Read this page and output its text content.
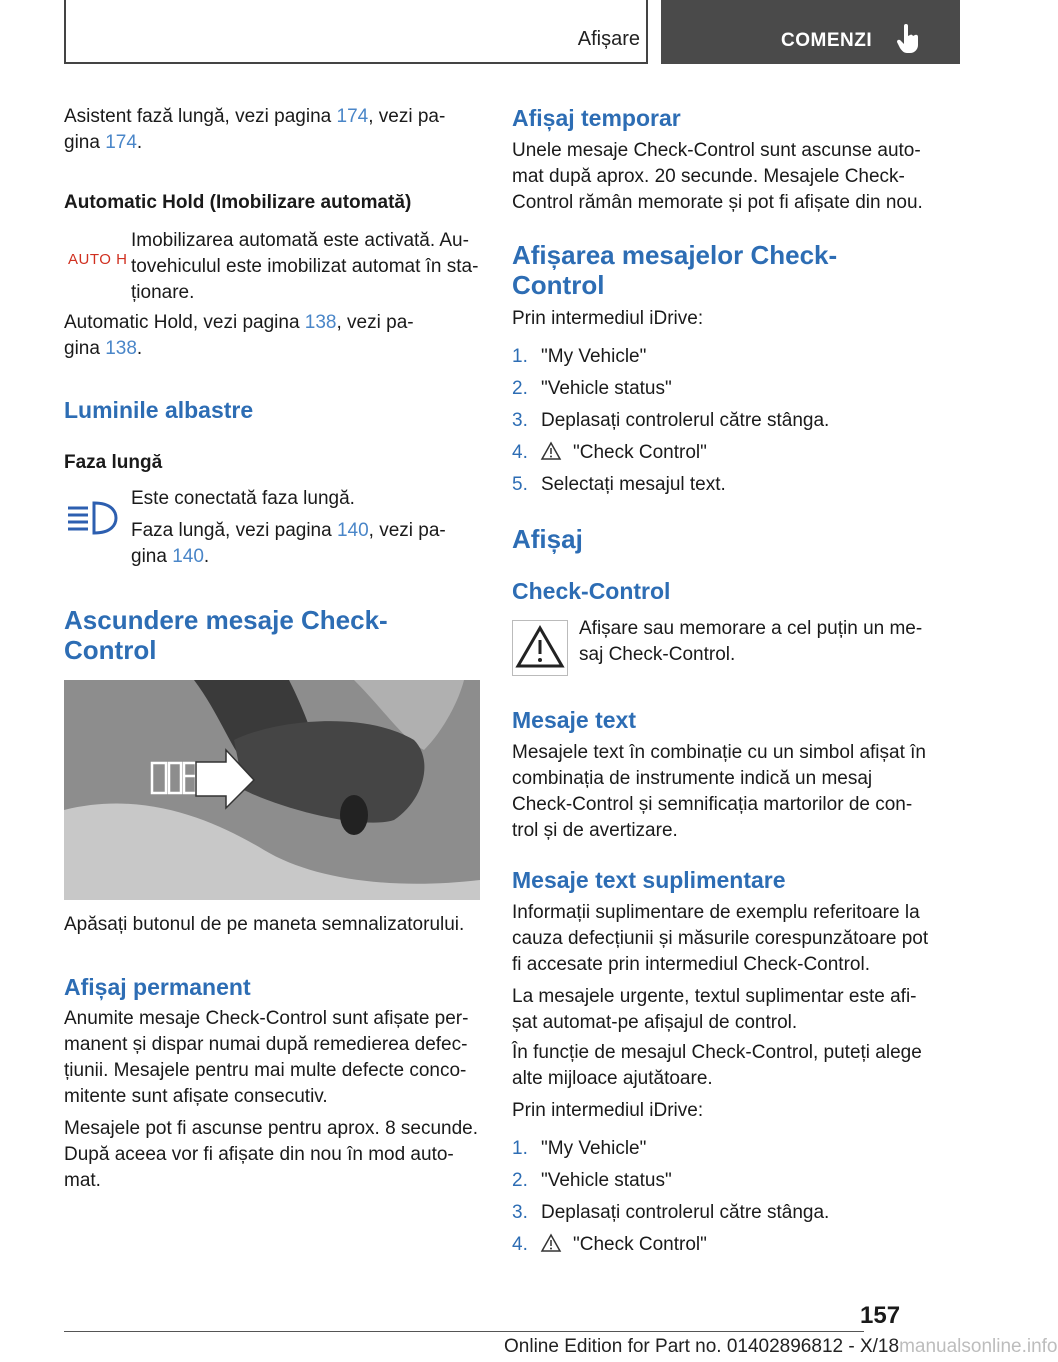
Afișare	COMENZI

Asistent fază lungă, vezi pagina 174, vezi pa-
gina 174.

Automatic Hold (Imobilizare automată)
AUTO H

Imobilizarea automată este activată. Au-

tovehiculul este imobilizat automat în sta-

ționare.

Automatic Hold, vezi pagina 138, vezi pa-
gina 138.

Luminile albastre
Faza lungă

Este conectată faza lungă.

Faza lungă, vezi pagina 140, vezi pa-
gina 140.

Ascundere mesaje Check-
Control

Apăsați butonul de pe maneta semnalizatorului.

Afișaj permanent

Anumite mesaje Check-Control sunt afișate per-

manent și dispar numai după remedierea defec-

țiunii. Mesajele pentru mai multe defecte conco-

mitente sunt afișate consecutiv.

Mesajele pot fi ascunse pentru aprox. 8 secunde.

După aceea vor fi afișate din nou în mod auto-

mat.

Afișaj temporar

Unele mesaje Check-Control sunt ascunse auto-

mat după aprox. 20 secunde. Mesajele Check-

Control rămân memorate și pot fi afișate din nou.

Afișarea mesajelor Check-
Control

Prin intermediul iDrive:

1. "My Vehicle"
2. "Vehicle status"
3. Deplasați controlerul către stânga.
4. "Check Control"
5. Selectați mesajul text.
Afișaj
Check-Control

Afișare sau memorare a cel puțin un me-

saj Check-Control.

Mesaje text

Mesajele text în combinație cu un simbol afișat în

combinația de instrumente indică un mesaj

Check-Control și semnificația martorilor de con-

trol și de avertizare.

Mesaje text suplimentare

Informații suplimentare de exemplu referitoare la

cauza defecțiunii și măsurile corespunzătoare pot

fi accesate prin intermediul Check-Control.

La mesajele urgente, textul suplimentar este afi-

șat automat-pe afișajul de control.

În funcție de mesajul Check-Control, puteți alege

alte mijloace ajutătoare.

Prin intermediul iDrive:

1. "My Vehicle"
2. "Vehicle status"
3. Deplasați controlerul către stânga.
4. "Check Control"
157
Online Edition for Part no. 01402896812 - X/18manualsonline.info
